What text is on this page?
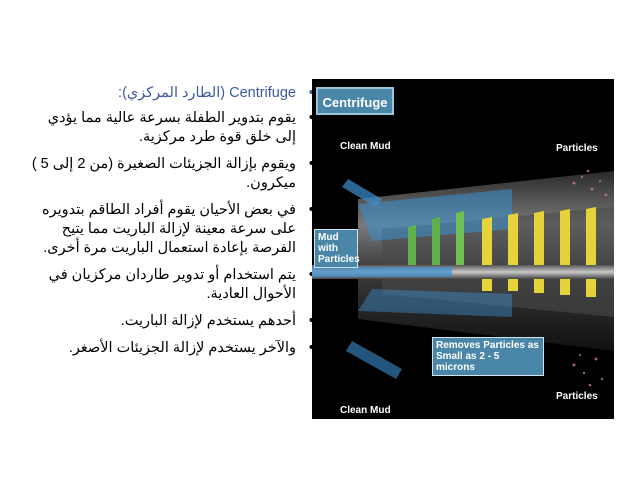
• Centrifuge (الطارد المركزي):
• يقوم بتدوير الطفلة بسرعة عالية مما يؤدي إلى خلق قوة طرد مركزية.
• ويقوم بإزالة الجزيئات الصغيرة (من 2 إلى 5 ) ميكرون.
• في بعض الأحيان يقوم أفراد الطاقم بتدويره على سرعة معينة لإزالة الباريت مما يتيح الفرصة بإعادة استعمال الباريت مرة أخرى.
• يتم استخدام أو تدوير طاردان مركزيان في الأحوال العادية.
• أحدهم يستخدم لإزالة الباريت.
• والآخر يستخدم لإزالة الجزيئات الأصغر.
Centrifuge
Clean Mud	Particles
Mud with Particles
Removes Particles as Small as 2 - 5 microns
Clean Mud
Particles
